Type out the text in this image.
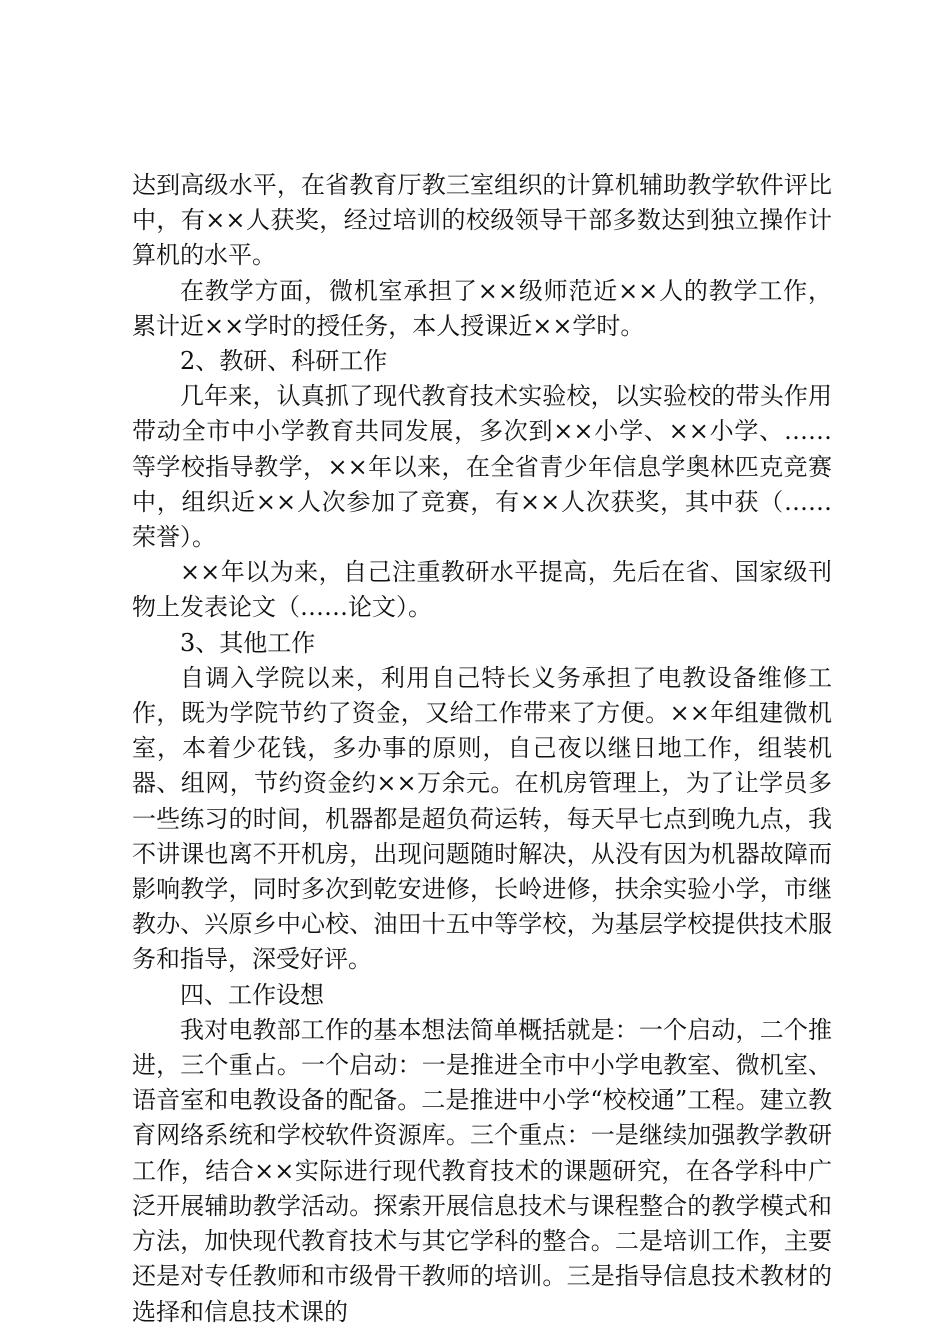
达到高级水平，在省教育厅教三室组织的计算机辅助教学软件评比中，有××人获奖，经过培训的校级领导干部多数达到独立操作计算机的水平。

在教学方面，微机室承担了××级师范近××人的教学工作，累计近××学时的授任务，本人授课近××学时。

2、教研、科研工作

几年来，认真抓了现代教育技术实验校，以实验校的带头作用带动全市中小学教育共同发展，多次到××小学、××小学、……等学校指导教学，××年以来，在全省青少年信息学奥林匹克竞赛中，组织近××人次参加了竞赛，有××人次获奖，其中获（……荣誉）。

××年以为来，自己注重教研水平提高，先后在省、国家级刊物上发表论文（……论文）。

3、其他工作

自调入学院以来，利用自己特长义务承担了电教设备维修工作，既为学院节约了资金，又给工作带来了方便。××年组建微机室，本着少花钱，多办事的原则，自己夜以继日地工作，组装机器、组网，节约资金约××万余元。在机房管理上，为了让学员多一些练习的时间，机器都是超负荷运转，每天早七点到晚九点，我不讲课也离不开机房，出现问题随时解决，从没有因为机器故障而影响教学，同时多次到乾安进修，长岭进修，扶余实验小学，市继教办、兴原乡中心校、油田十五中等学校，为基层学校提供技术服务和指导，深受好评。

四、工作设想

我对电教部工作的基本想法简单概括就是：一个启动，二个推进，三个重占。一个启动：一是推进全市中小学电教室、微机室、语音室和电教设备的配备。二是推进中小学“校校通”工程。建立教育网络系统和学校软件资源库。三个重点：一是继续加强教学教研工作，结合××实际进行现代教育技术的课题研究，在各学科中广泛开展辅助教学活动。探索开展信息技术与课程整合的教学模式和方法，加快现代教育技术与其它学科的整合。二是培训工作，主要还是对专任教师和市级骨干教师的培训。三是指导信息技术教材的选择和信息技术课的
